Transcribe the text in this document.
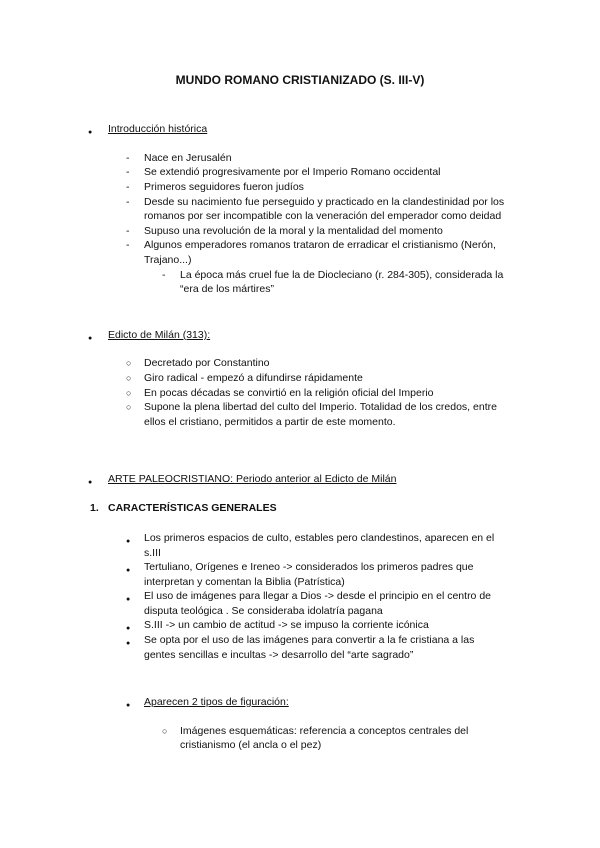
MUNDO ROMANO CRISTIANIZADO (S. III-V)
●
Introducción histórica
- Nace en Jerusalén
- Se extendió progresivamente por el Imperio Romano occidental
- Primeros seguidores fueron judíos
- Desde su nacimiento fue perseguido y practicado en la clandestinidad por los
romanos por ser incompatible con la veneración del emperador como deidad
- Supuso una revolución de la moral y la mentalidad del momento
- Algunos emperadores romanos trataron de erradicar el cristianismo (Nerón,
Trajano...)
- La época más cruel fue la de Diocleciano (r. 284-305), considerada la
“era de los mártires”
●
Edicto de Milán (313):
○
Decretado por Constantino
○
Giro radical - empezó a difundirse rápidamente
○
En pocas décadas se convirtió en la religión oficial del Imperio
○
Supone la plena libertad del culto del Imperio. Totalidad de los credos, entre
ellos el cristiano, permitidos a partir de este momento.
●
ARTE PALEOCRISTIANO: Periodo anterior al Edicto de Milán
1. CARACTERÍSTICAS GENERALES
●
Los primeros espacios de culto, estables pero clandestinos, aparecen en el
s.III
●
Tertuliano, Orígenes e Ireneo -> considerados los primeros padres que
interpretan y comentan la Biblia (Patrística)
●
El uso de imágenes para llegar a Dios -> desde el principio en el centro de
disputa teológica . Se consideraba idolatría pagana
●
S.III -> un cambio de actitud -> se impuso la corriente icónica
●
Se opta por el uso de las imágenes para convertir a la fe cristiana a las
gentes sencillas e incultas -> desarrollo del “arte sagrado”
●
Aparecen 2 tipos de figuración:
○
Imágenes esquemáticas: referencia a conceptos centrales del
cristianismo (el ancla o el pez)
